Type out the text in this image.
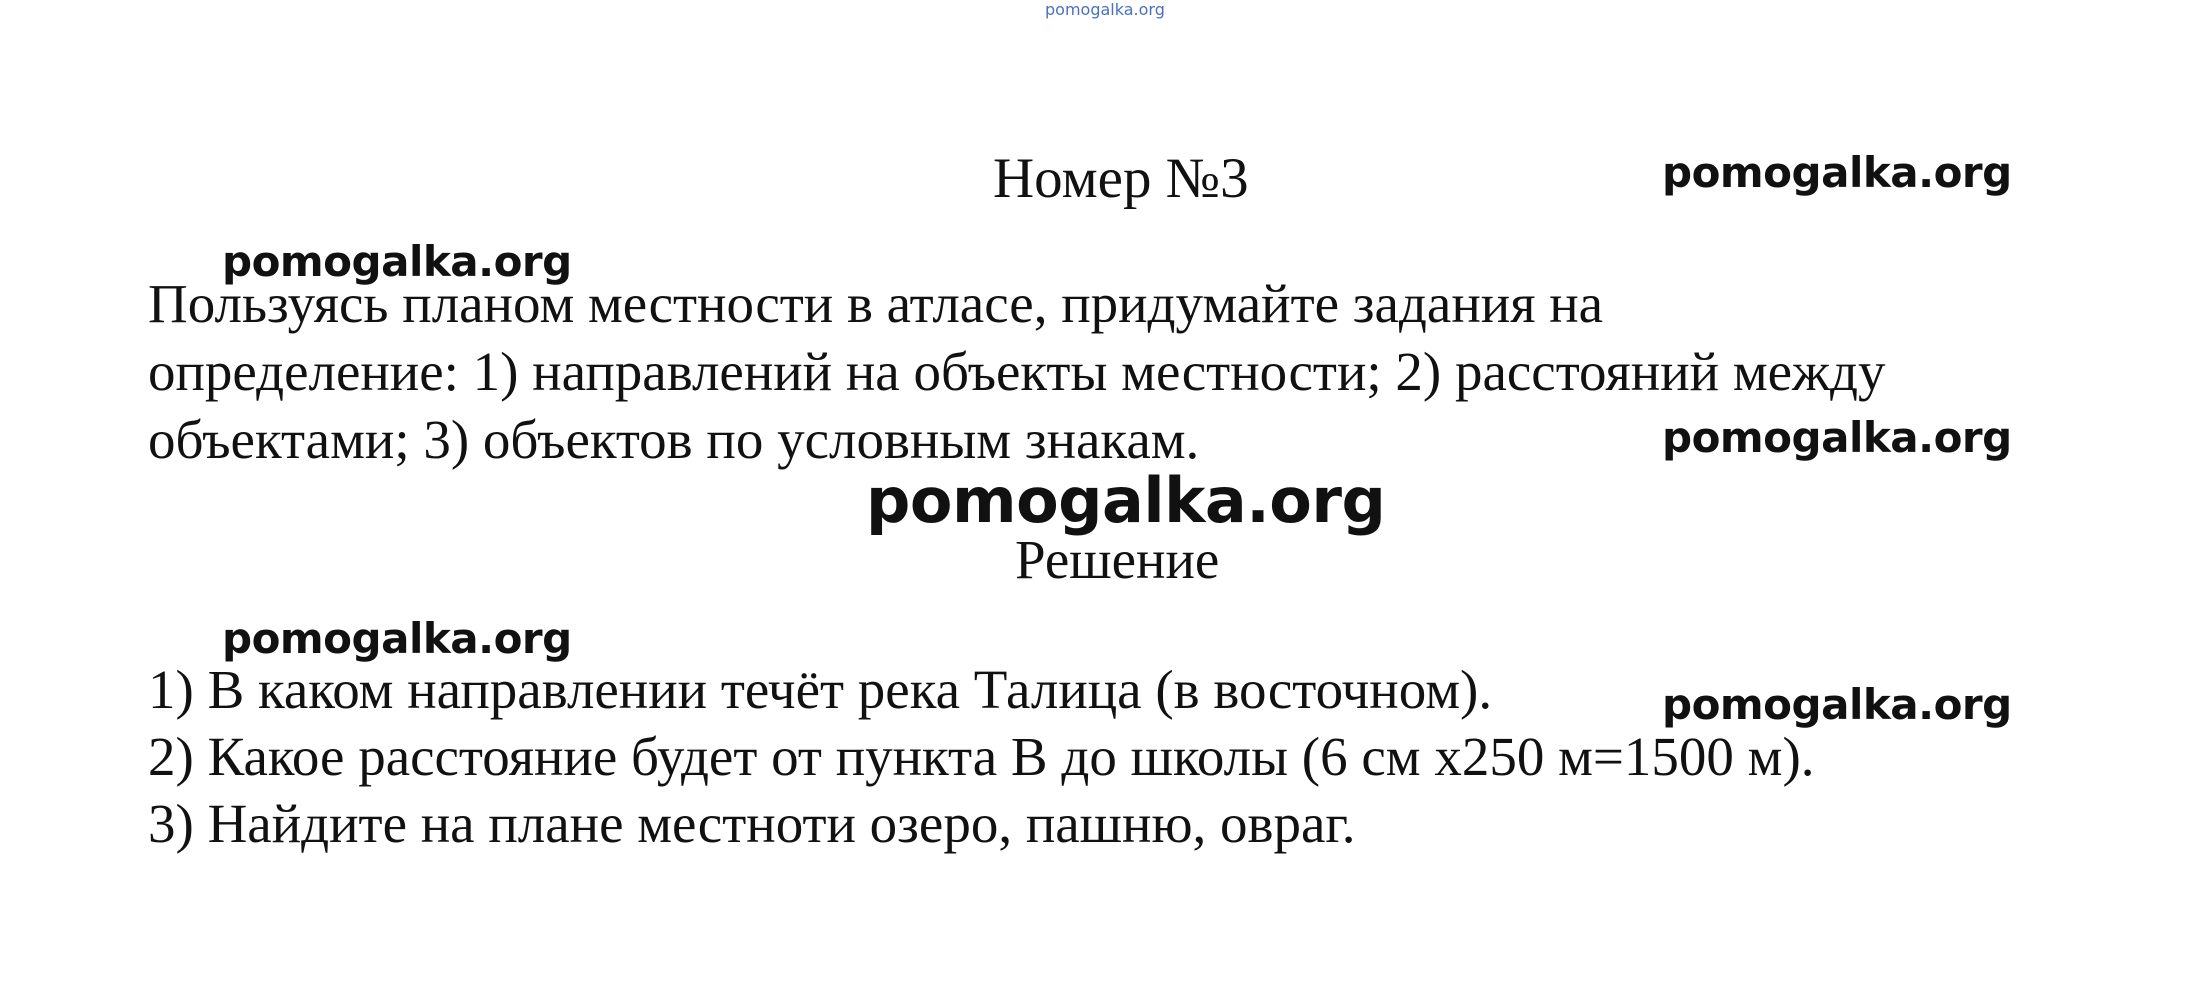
pomogalka.org
Номер №3
Пользуясь планом местности в атласе, придумайте задания на
определение: 1) направлений на объекты местности; 2) расстояний между
объектами; 3) объектов по условным знакам.
Решение
1) В каком направлении течёт река Талица (в восточном).
2) Какое расстояние будет от пункта В до школы (6 см х250 м=1500 м).
3) Найдите на плане местноти озеро, пашню, овраг.
pomogalka.org
pomogalka.org
pomogalka.org
pomogalka.org
pomogalka.org
pomogalka.org
